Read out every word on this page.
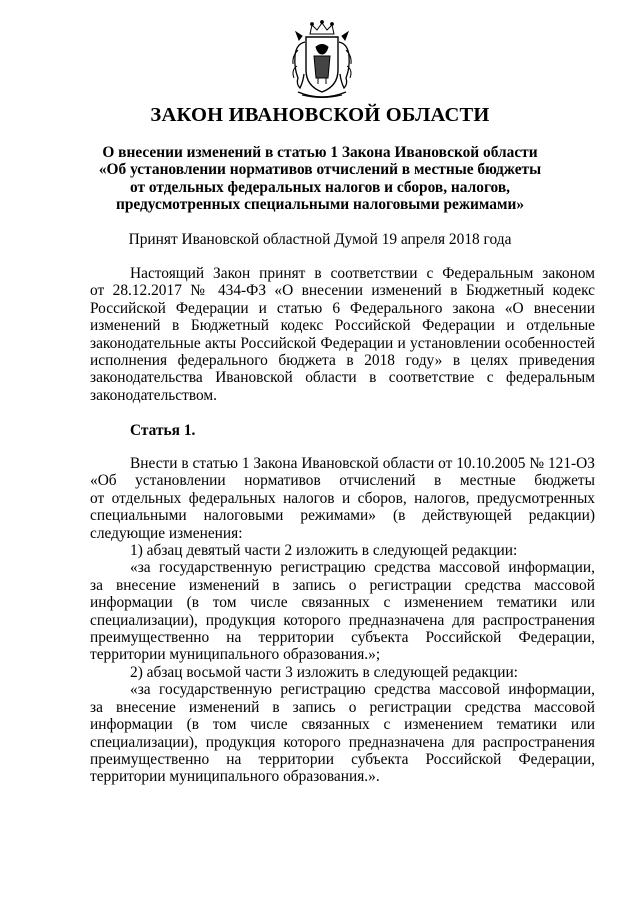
ЗАКОН ИВАНОВСКОЙ ОБЛАСТИ
О внесении изменений в статью 1 Закона Ивановской области
«Об установлении нормативов отчислений в местные бюджеты
от отдельных федеральных налогов и сборов, налогов,
предусмотренных специальными налоговыми режимами»
Принят Ивановской областной Думой 19 апреля 2018 года
Настоящий Закон принят в соответствии с Федеральным законом
от 28.12.2017 № 434-ФЗ «О внесении изменений в Бюджетный кодекс
Российской Федерации и статью 6 Федерального закона «О внесении
изменений в Бюджетный кодекс Российской Федерации и отдельные
законодательные акты Российской Федерации и установлении особенностей
исполнения федерального бюджета в 2018 году» в целях приведения
законодательства Ивановской области в соответствие с федеральным
законодательством.
Статья 1.
Внести в статью 1 Закона Ивановской области от 10.10.2005 № 121-ОЗ
«Об установлении нормативов отчислений в местные бюджеты
от отдельных федеральных налогов и сборов, налогов, предусмотренных
специальными налоговыми режимами» (в действующей редакции)
следующие изменения:
1) абзац девятый части 2 изложить в следующей редакции:
«за государственную регистрацию средства массовой информации,
за внесение изменений в запись о регистрации средства массовой
информации (в том числе связанных с изменением тематики или
специализации), продукция которого предназначена для распространения
преимущественно на территории субъекта Российской Федерации,
территории муниципального образования.»;
2) абзац восьмой части 3 изложить в следующей редакции:
«за государственную регистрацию средства массовой информации,
за внесение изменений в запись о регистрации средства массовой
информации (в том числе связанных с изменением тематики или
специализации), продукция которого предназначена для распространения
преимущественно на территории субъекта Российской Федерации,
территории муниципального образования.».
